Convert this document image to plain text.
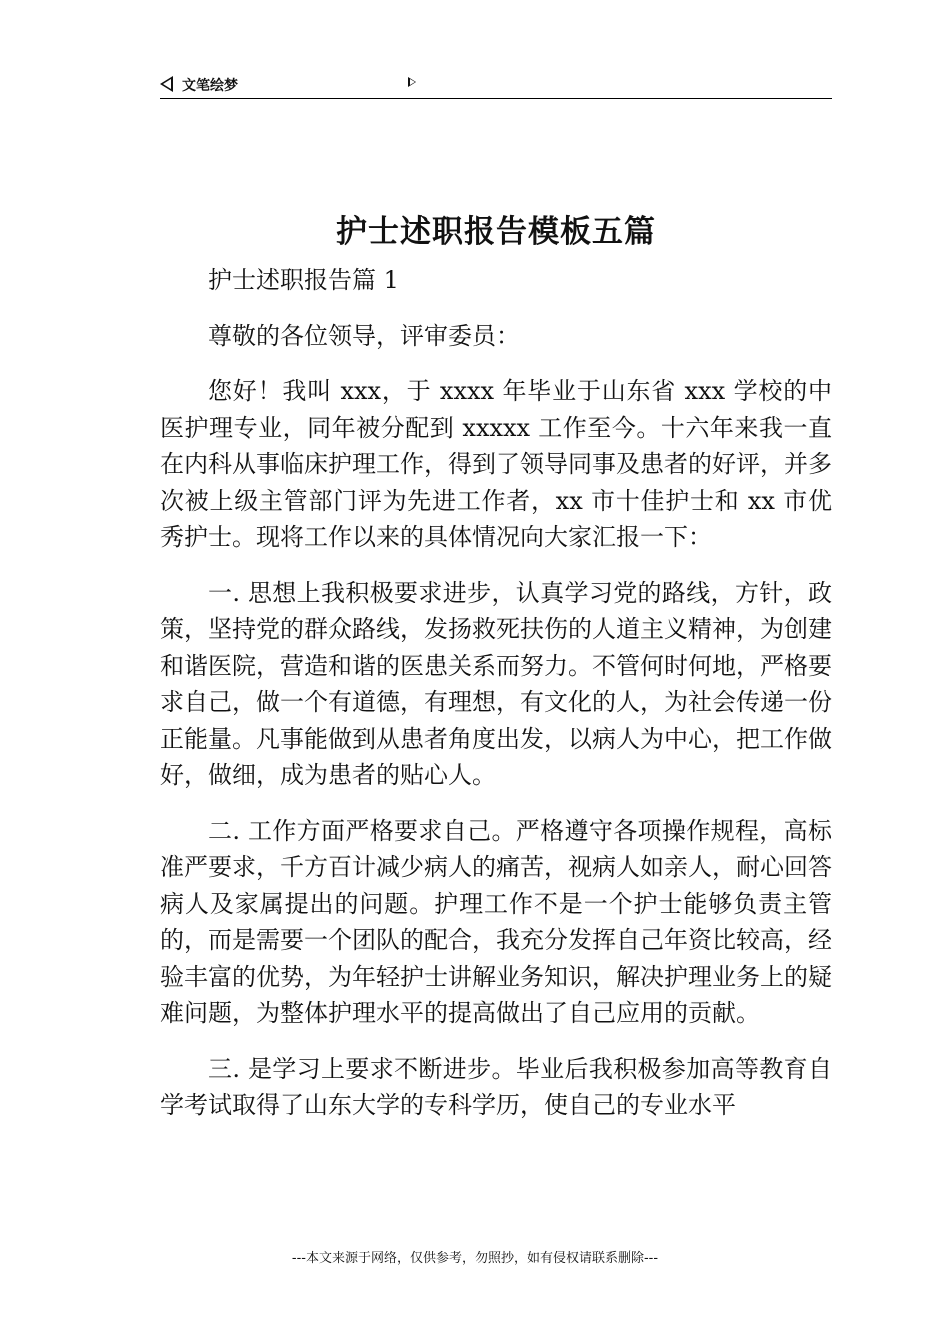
文笔绘梦
护士述职报告模板五篇

护士述职报告篇 1

尊敬的各位领导，评审委员：

您好！我叫 xxx，于 xxxx 年毕业于山东省 xxx 学校的中医护理专业，同年被分配到 xxxxx 工作至今。十六年来我一直在内科从事临床护理工作，得到了领导同事及患者的好评，并多次被上级主管部门评为先进工作者，xx 市十佳护士和 xx 市优秀护士。现将工作以来的具体情况向大家汇报一下：

一. 思想上我积极要求进步，认真学习党的路线，方针，政策，坚持党的群众路线，发扬救死扶伤的人道主义精神，为创建和谐医院，营造和谐的医患关系而努力。不管何时何地，严格要求自己，做一个有道德，有理想，有文化的人，为社会传递一份正能量。凡事能做到从患者角度出发，以病人为中心，把工作做好，做细，成为患者的贴心人。

二. 工作方面严格要求自己。严格遵守各项操作规程，高标准严要求，千方百计减少病人的痛苦，视病人如亲人，耐心回答病人及家属提出的问题。护理工作不是一个护士能够负责主管的，而是需要一个团队的配合，我充分发挥自己年资比较高，经验丰富的优势，为年轻护士讲解业务知识，解决护理业务上的疑难问题，为整体护理水平的提高做出了自己应用的贡献。

三. 是学习上要求不断进步。毕业后我积极参加高等教育自学考试取得了山东大学的专科学历，使自己的专业水平

---本文来源于网络，仅供参考，勿照抄，如有侵权请联系删除---
